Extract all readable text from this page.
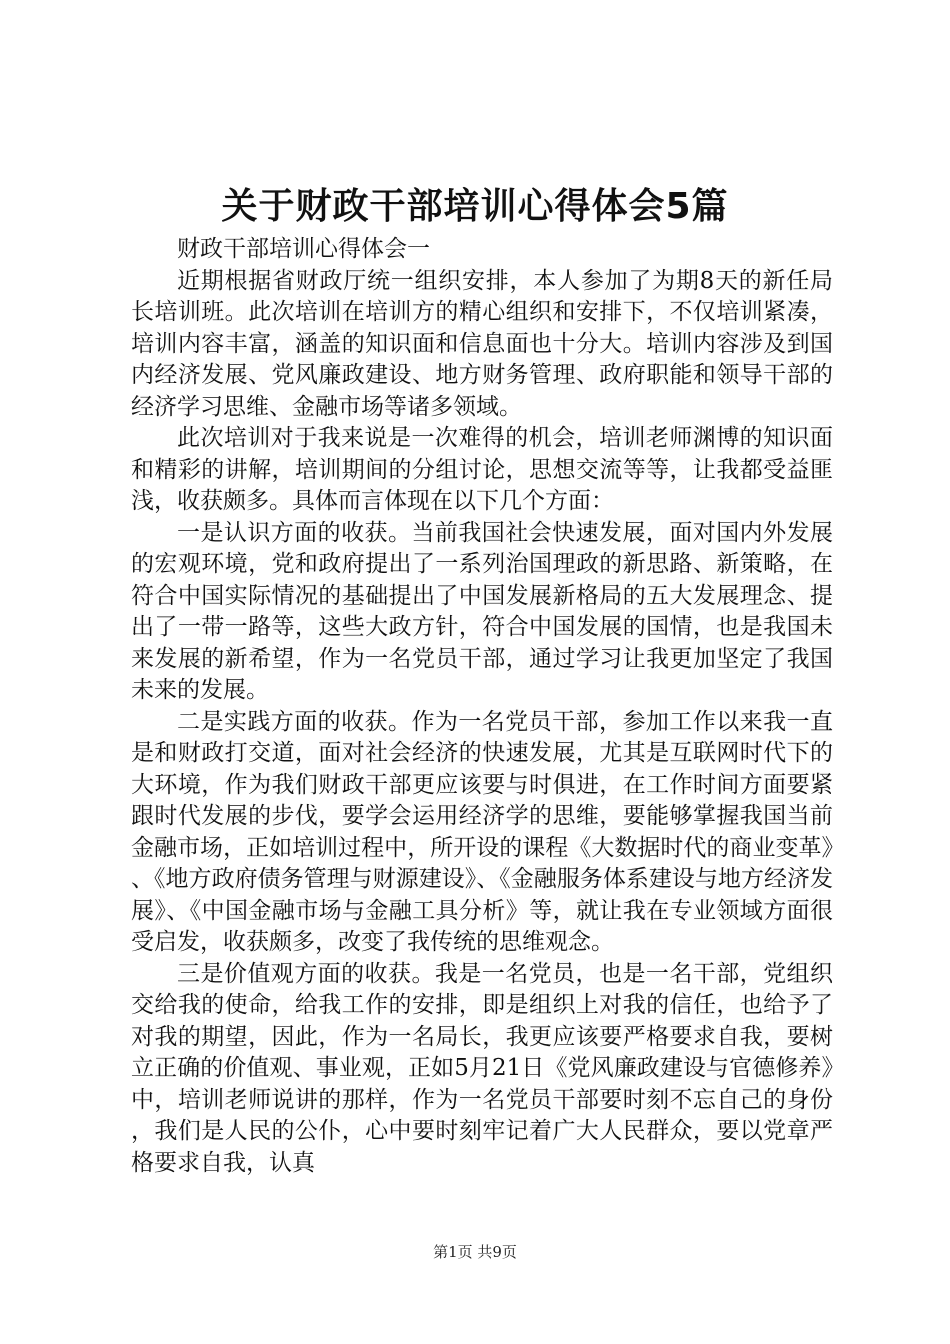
关于财政干部培训心得体会5篇

财政干部培训心得体会一

近期根据省财政厅统一组织安排，本人参加了为期8天的新任局长培训班。此次培训在培训方的精心组织和安排下，不仅培训紧凑，培训内容丰富，涵盖的知识面和信息面也十分大。培训内容涉及到国内经济发展、党风廉政建设、地方财务管理、政府职能和领导干部的经济学习思维、金融市场等诸多领域。

此次培训对于我来说是一次难得的机会，培训老师渊博的知识面和精彩的讲解，培训期间的分组讨论，思想交流等等，让我都受益匪浅，收获颇多。具体而言体现在以下几个方面：

一是认识方面的收获。当前我国社会快速发展，面对国内外发展的宏观环境，党和政府提出了一系列治国理政的新思路、新策略，在符合中国实际情况的基础提出了中国发展新格局的五大发展理念、提出了一带一路等，这些大政方针，符合中国发展的国情，也是我国未来发展的新希望，作为一名党员干部，通过学习让我更加坚定了我国未来的发展。

二是实践方面的收获。作为一名党员干部，参加工作以来我一直是和财政打交道，面对社会经济的快速发展，尤其是互联网时代下的大环境，作为我们财政干部更应该要与时俱进，在工作时间方面要紧跟时代发展的步伐，要学会运用经济学的思维，要能够掌握我国当前金融市场，正如培训过程中，所开设的课程《大数据时代的商业变革》、《地方政府债务管理与财源建设》、《金融服务体系建设与地方经济发展》、《中国金融市场与金融工具分析》等，就让我在专业领域方面很受启发，收获颇多，改变了我传统的思维观念。

三是价值观方面的收获。我是一名党员，也是一名干部，党组织交给我的使命，给我工作的安排，即是组织上对我的信任，也给予了对我的期望，因此，作为一名局长，我更应该要严格要求自我，要树立正确的价值观、事业观，正如5月21日《党风廉政建设与官德修养》中，培训老师说讲的那样，作为一名党员干部要时刻不忘自己的身份，我们是人民的公仆，心中要时刻牢记着广大人民群众，要以党章严格要求自我，认真

第1页 共9页
